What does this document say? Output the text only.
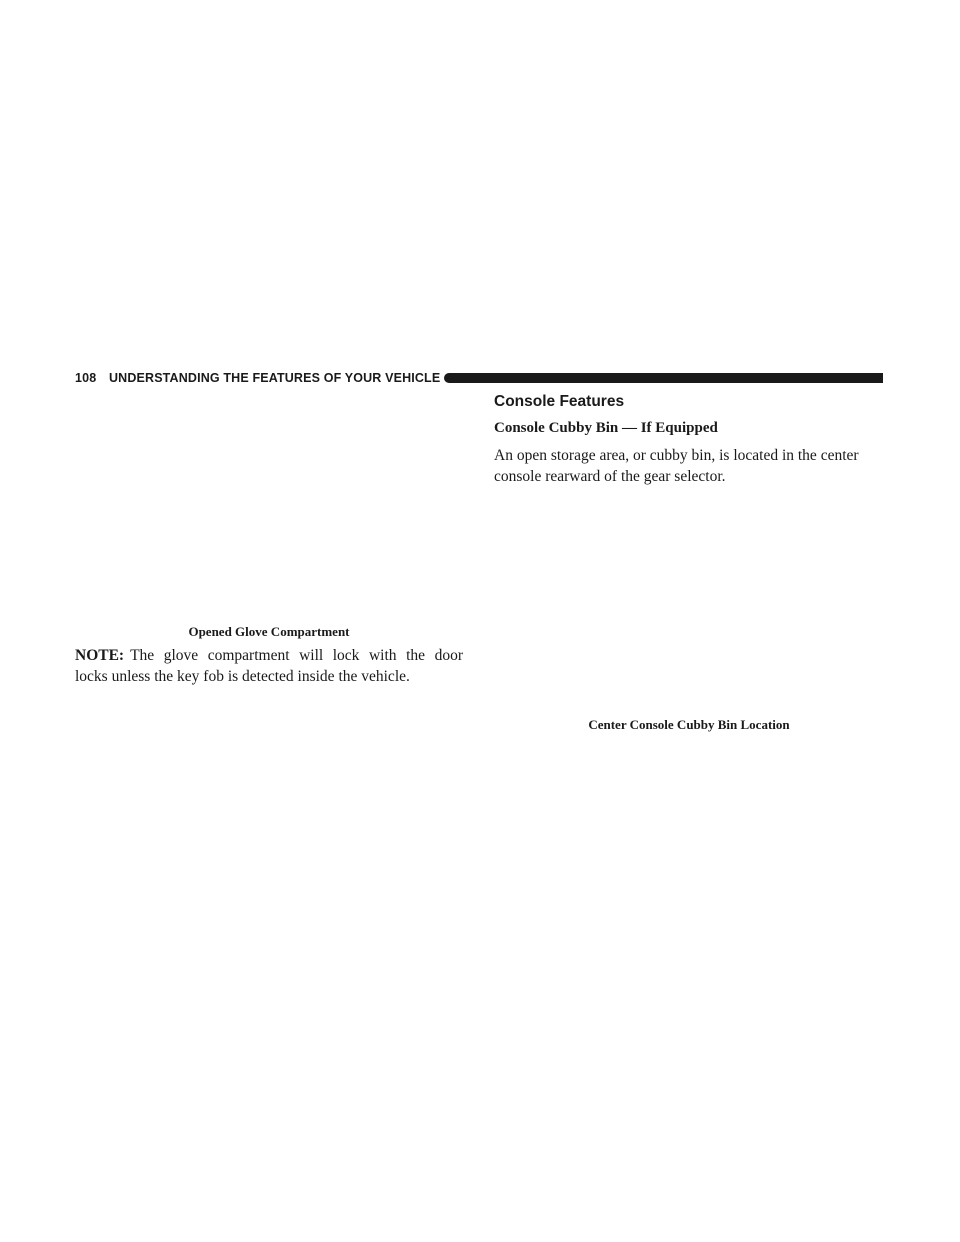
108 UNDERSTANDING THE FEATURES OF YOUR VEHICLE

Opened Glove Compartment

NOTE: The glove compartment will lock with the door
locks unless the key fob is detected inside the vehicle.
Console Features
Console Cubby Bin — If Equipped

An open storage area, or cubby bin, is located in the center console rearward of the gear selector.

Center Console Cubby Bin Location
